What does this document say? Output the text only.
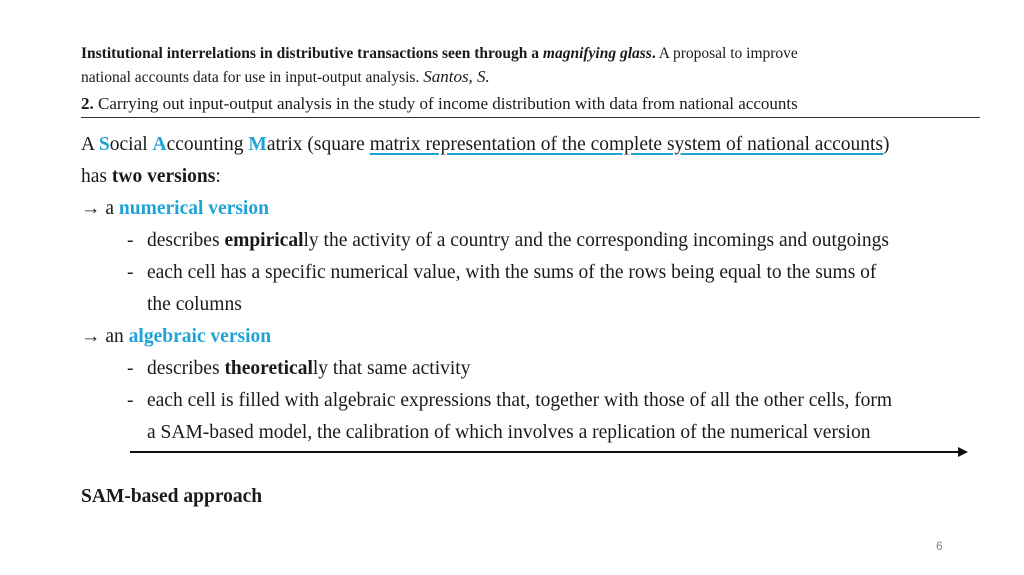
Institutional interrelations in distributive transactions seen through a magnifying glass. A proposal to improve
national accounts data for use in input-output analysis. Santos, S.
2. Carrying out input-output analysis in the study of income distribution with data from national accounts
A Social Accounting Matrix (square matrix representation of the complete system of national accounts)
has two versions:
→ a numerical version
- describes empirically the activity of a country and the corresponding incomings and outgoings
- each cell has a specific numerical value, with the sums of the rows being equal to the sums of
the columns
→ an algebraic version
- describes theoretically that same activity
- each cell is filled with algebraic expressions that, together with those of all the other cells, form
a SAM-based model, the calibration of which involves a replication of the numerical version
SAM-based approach
6
